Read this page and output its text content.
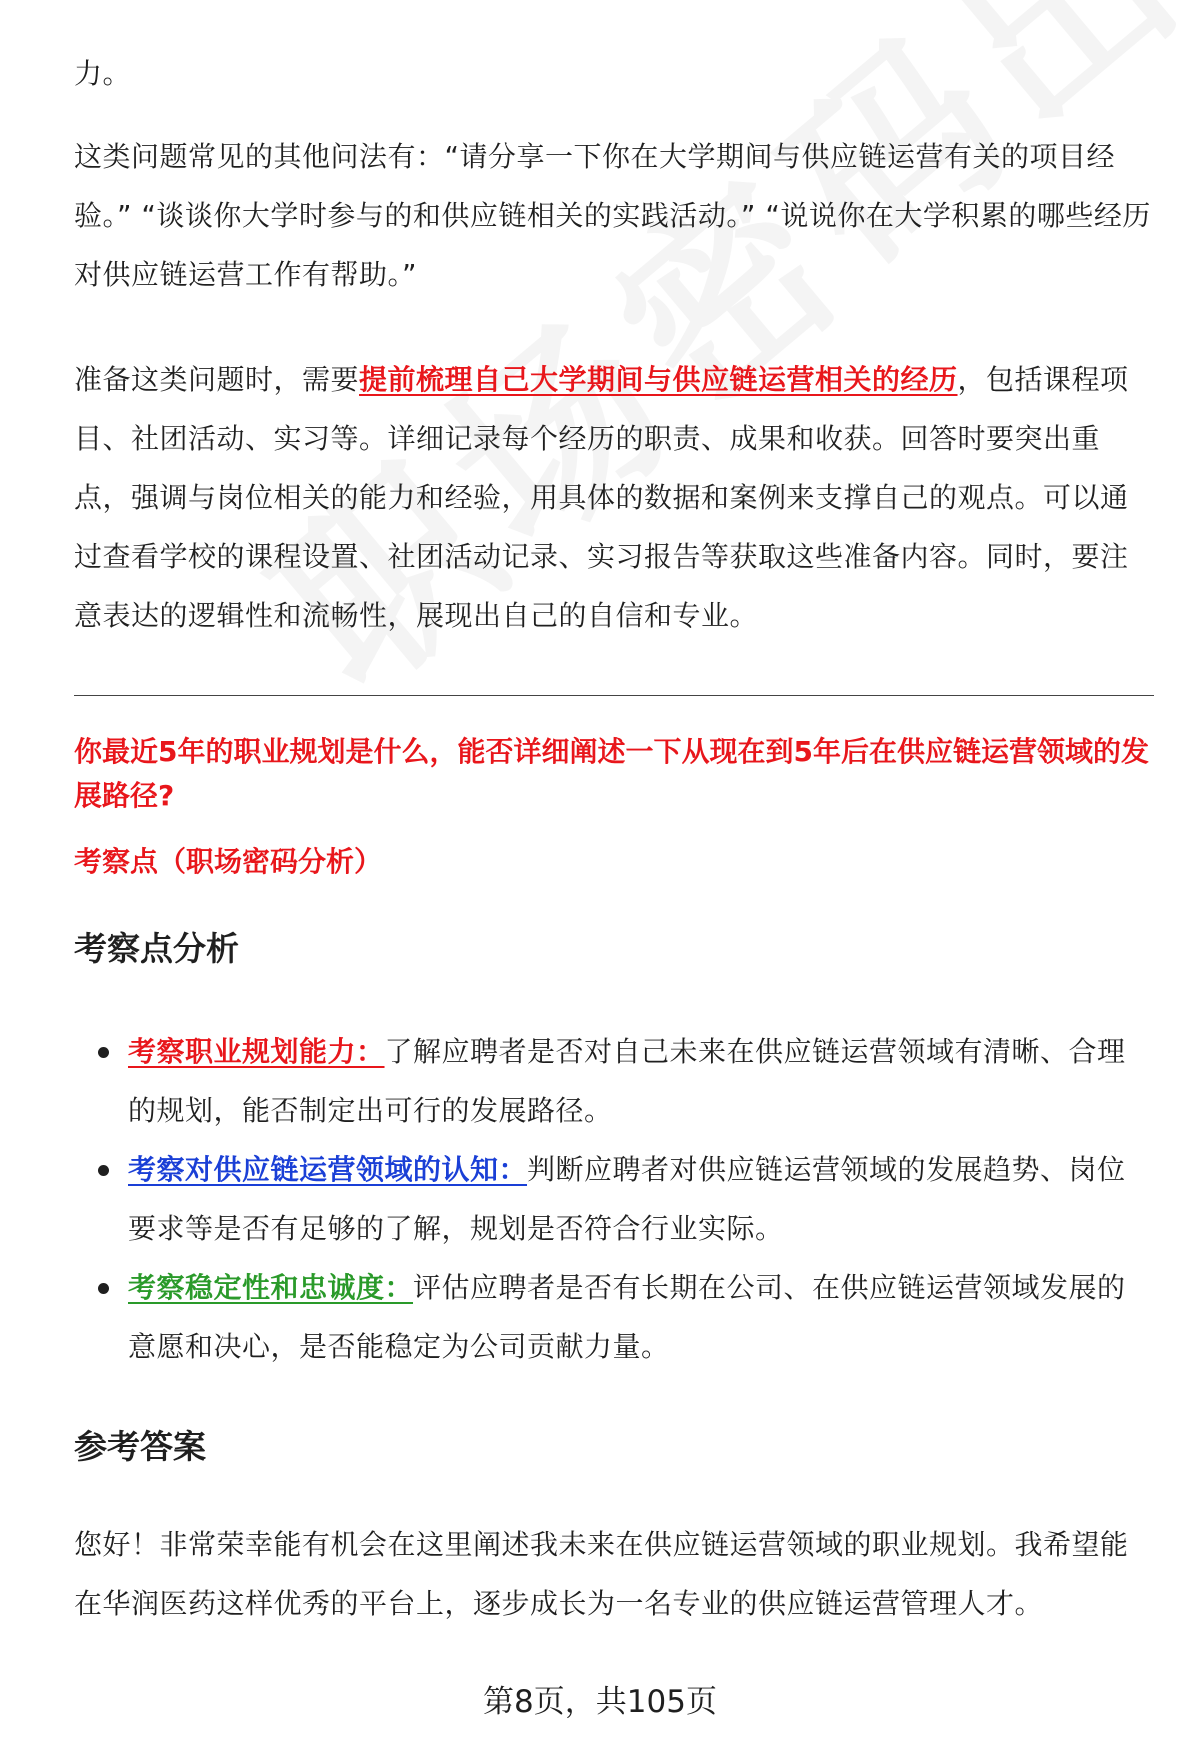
力。

这类问题常见的其他问法有：“请分享一下你在大学期间与供应链运营有关的项目经验。” “谈谈你大学时参与的和供应链相关的实践活动。” “说说你在大学积累的哪些经历对供应链运营工作有帮助。”

准备这类问题时，需要提前梳理自己大学期间与供应链运营相关的经历，包括课程项目、社团活动、实习等。详细记录每个经历的职责、成果和收获。回答时要突出重点，强调与岗位相关的能力和经验，用具体的数据和案例来支撑自己的观点。可以通过查看学校的课程设置、社团活动记录、实习报告等获取这些准备内容。同时，要注意表达的逻辑性和流畅性，展现出自己的自信和专业。

你最近5年的职业规划是什么，能否详细阐述一下从现在到5年后在供应链运营领域的发展路径?

考察点（职场密码分析）

考察点分析
考察职业规划能力：了解应聘者是否对自己未来在供应链运营领域有清晰、合理的规划，能否制定出可行的发展路径。
考察对供应链运营领域的认知：判断应聘者对供应链运营领域的发展趋势、岗位要求等是否有足够的了解，规划是否符合行业实际。
考察稳定性和忠诚度：评估应聘者是否有长期在公司、在供应链运营领域发展的意愿和决心，是否能稳定为公司贡献力量。
参考答案

您好！非常荣幸能有机会在这里阐述我未来在供应链运营领域的职业规划。我希望能在华润医药这样优秀的平台上，逐步成长为一名专业的供应链运营管理人才。

第8页，共105页
